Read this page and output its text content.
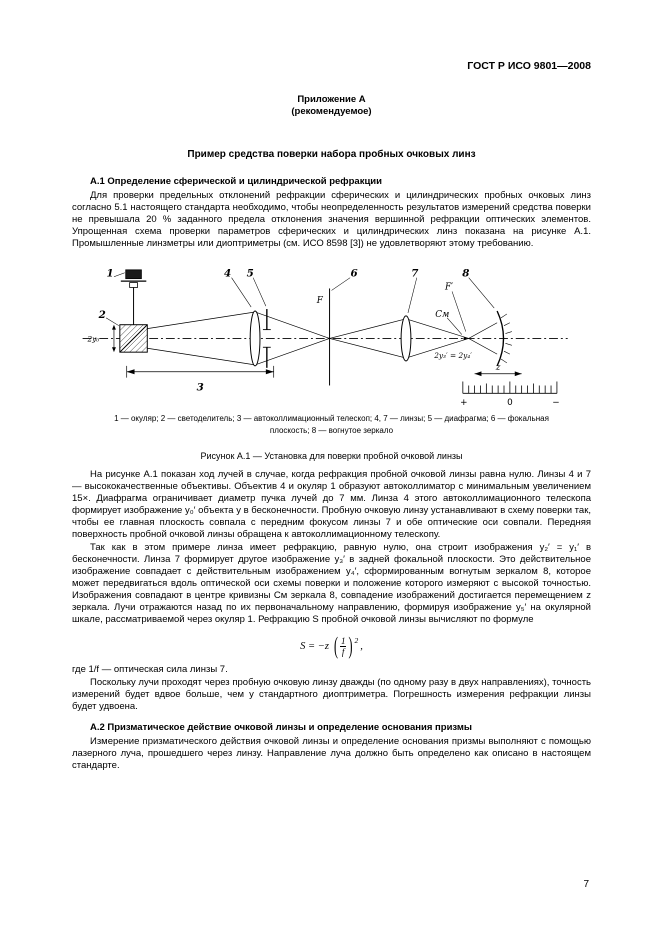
ГОСТ Р ИСО 9801—2008
Приложение А
(рекомендуемое)
Пример средства поверки набора пробных очковых линз
А.1 Определение сферической и цилиндрической рефракции

Для проверки предельных отклонений рефракции сферических и цилиндрических пробных очковых линз согласно 5.1 настоящего стандарта необходимо, чтобы неопределенность результатов измерений средства поверки не превышала 20 % заданного предела отклонения значения вершинной рефракции оптических элементов. Упрощенная схема проверки параметров сферических и цилиндрических линз показана на рисунке А.1. Промышленные линзметры или диоптриметры (см. ИСО 8598 [3]) не удовлетворяют этому требованию.

1
2
3
4 5	6	7	8
F
F′
Cм
2y₀
2y₃′ = 2y₄′
z
+	0	−
1 — окуляр; 2 — светоделитель; 3 — автоколлимационный телескоп; 4, 7 — линзы; 5 — диафрагма; 6 — фокальная плоскость; 8 — вогнутое зеркало
Рисунок А.1 — Установка для поверки пробной очковой линзы

На рисунке А.1 показан ход лучей в случае, когда рефракция пробной очковой линзы равна нулю. Линзы 4 и 7 — высококачественные объективы. Объектив 4 и окуляр 1 образуют автоколлиматор с минимальным увеличением 15×. Диафрагма ограничивает диаметр пучка лучей до 7 мм. Линза 4 этого автоколлимационного телескопа формирует изображение y₀′ объекта y в бесконечности. Пробную очковую линзу устанавливают в схему поверки так, чтобы ее главная плоскость совпала с передним фокусом линзы 7 и обе оптические оси совпали. Передняя поверхность пробной очковой линзы обращена к автоколлимационному телескопу.

Так как в этом примере линза имеет рефракцию, равную нулю, она строит изображения y₂′ = y₁′ в бесконечности. Линза 7 формирует другое изображение y₃′ в задней фокальной плоскости. Это действительное изображение совпадает с действительным изображением y₄′, сформированным вогнутым зеркалом 8, которое может передвигаться вдоль оптической оси схемы поверки и положение которого измеряют с высокой точностью. Изображения совпадают в центре кривизны Cм зеркала 8, совпадение изображений достигается перемещением z зеркала. Лучи отражаются назад по их первоначальному направлению, формируя изображение y₅′ на окулярной шкале, рассматриваемой через окуляр 1. Рефракцию S пробной очковой линзы вычисляют по формуле

S = −z ( $\frac{1}{f}$ ) 2
,

где 1/f — оптическая сила линзы 7.

Поскольку лучи проходят через пробную очковую линзу дважды (по одному разу в двух направлениях), точность измерений будет вдвое больше, чем у стандартного диоптриметра. Погрешность измерения рефракции линзы будет удвоена.

А.2 Призматическое действие очковой линзы и определение основания призмы

Измерение призматического действия очковой линзы и определение основания призмы выполняют с помощью лазерного луча, прошедшего через линзу. Направление луча должно быть определено как описано в настоящем стандарте.

7
